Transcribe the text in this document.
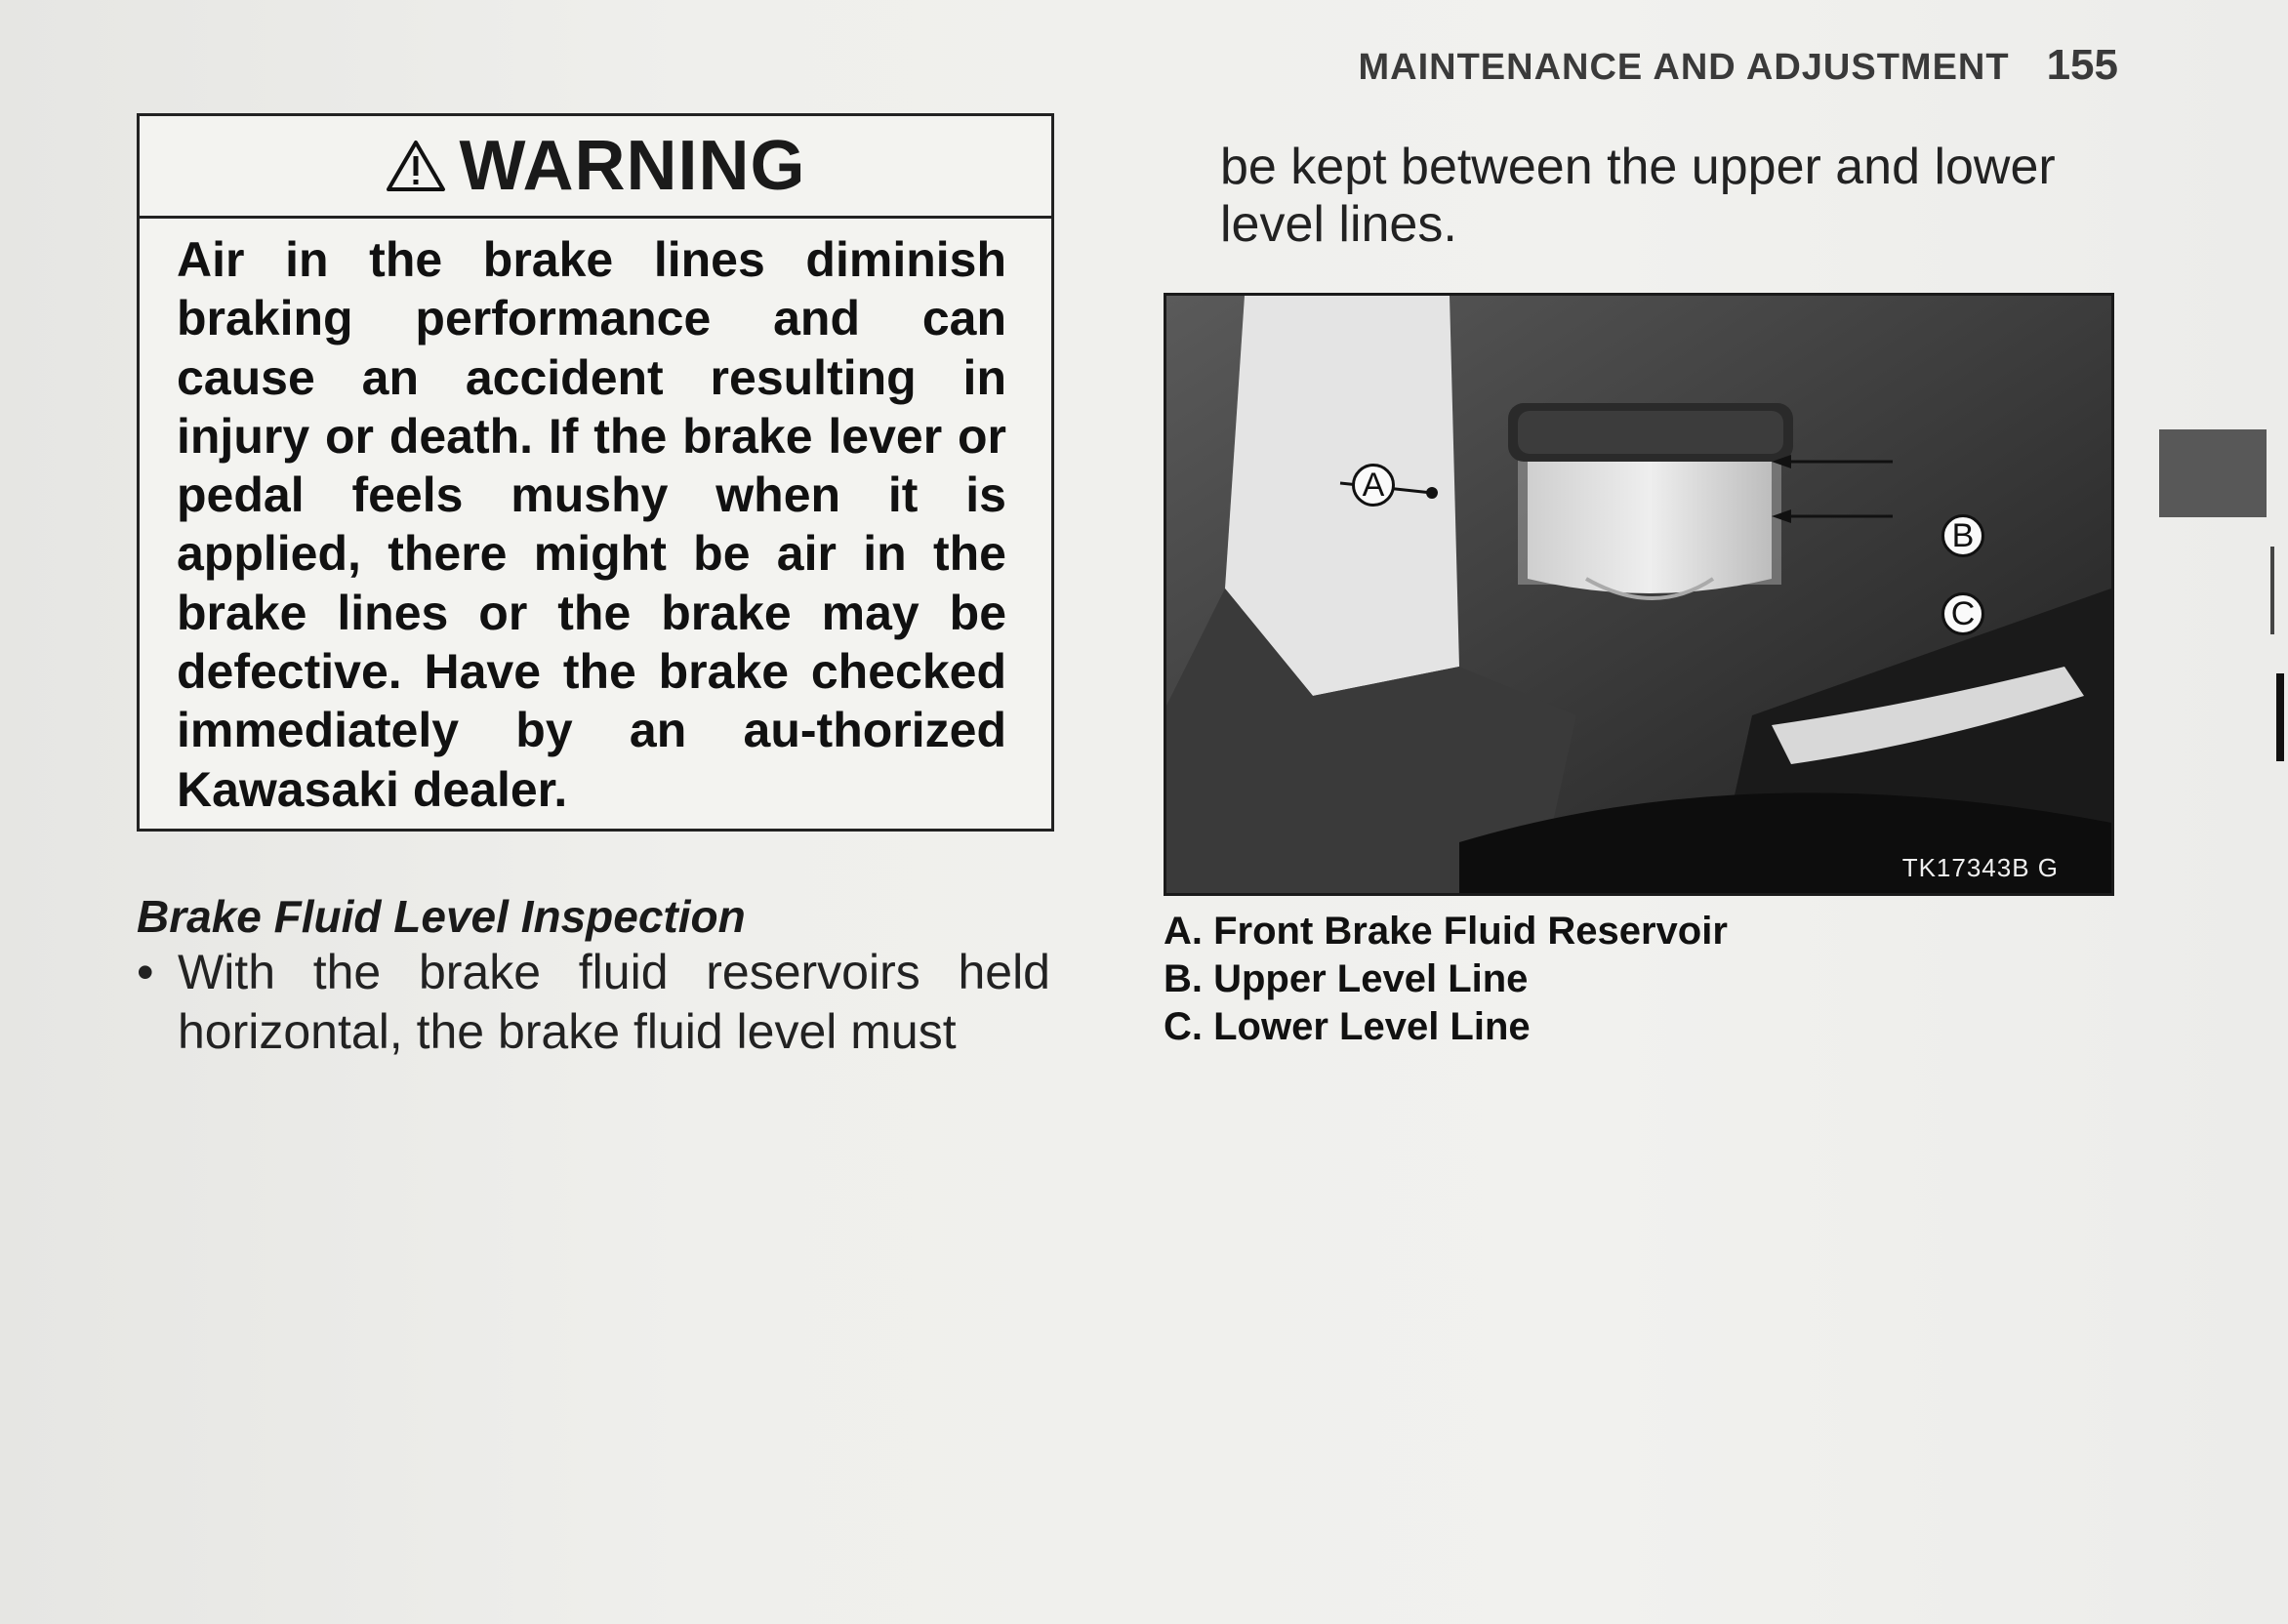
MAINTENANCE AND ADJUSTMENT 155
WARNING
Air in the brake lines diminish braking performance and can cause an accident resulting in injury or death. If the brake lever or pedal feels mushy when it is applied, there might be air in the brake lines or the brake may be defective. Have the brake checked immediately by an au-thorized Kawasaki dealer.
Brake Fluid Level Inspection
• With the brake fluid reservoirs held horizontal, the brake fluid level must
be kept between the upper and lower level lines.
A
B
C
TK17343B G
A. Front Brake Fluid Reservoir
B. Upper Level Line
C. Lower Level Line
